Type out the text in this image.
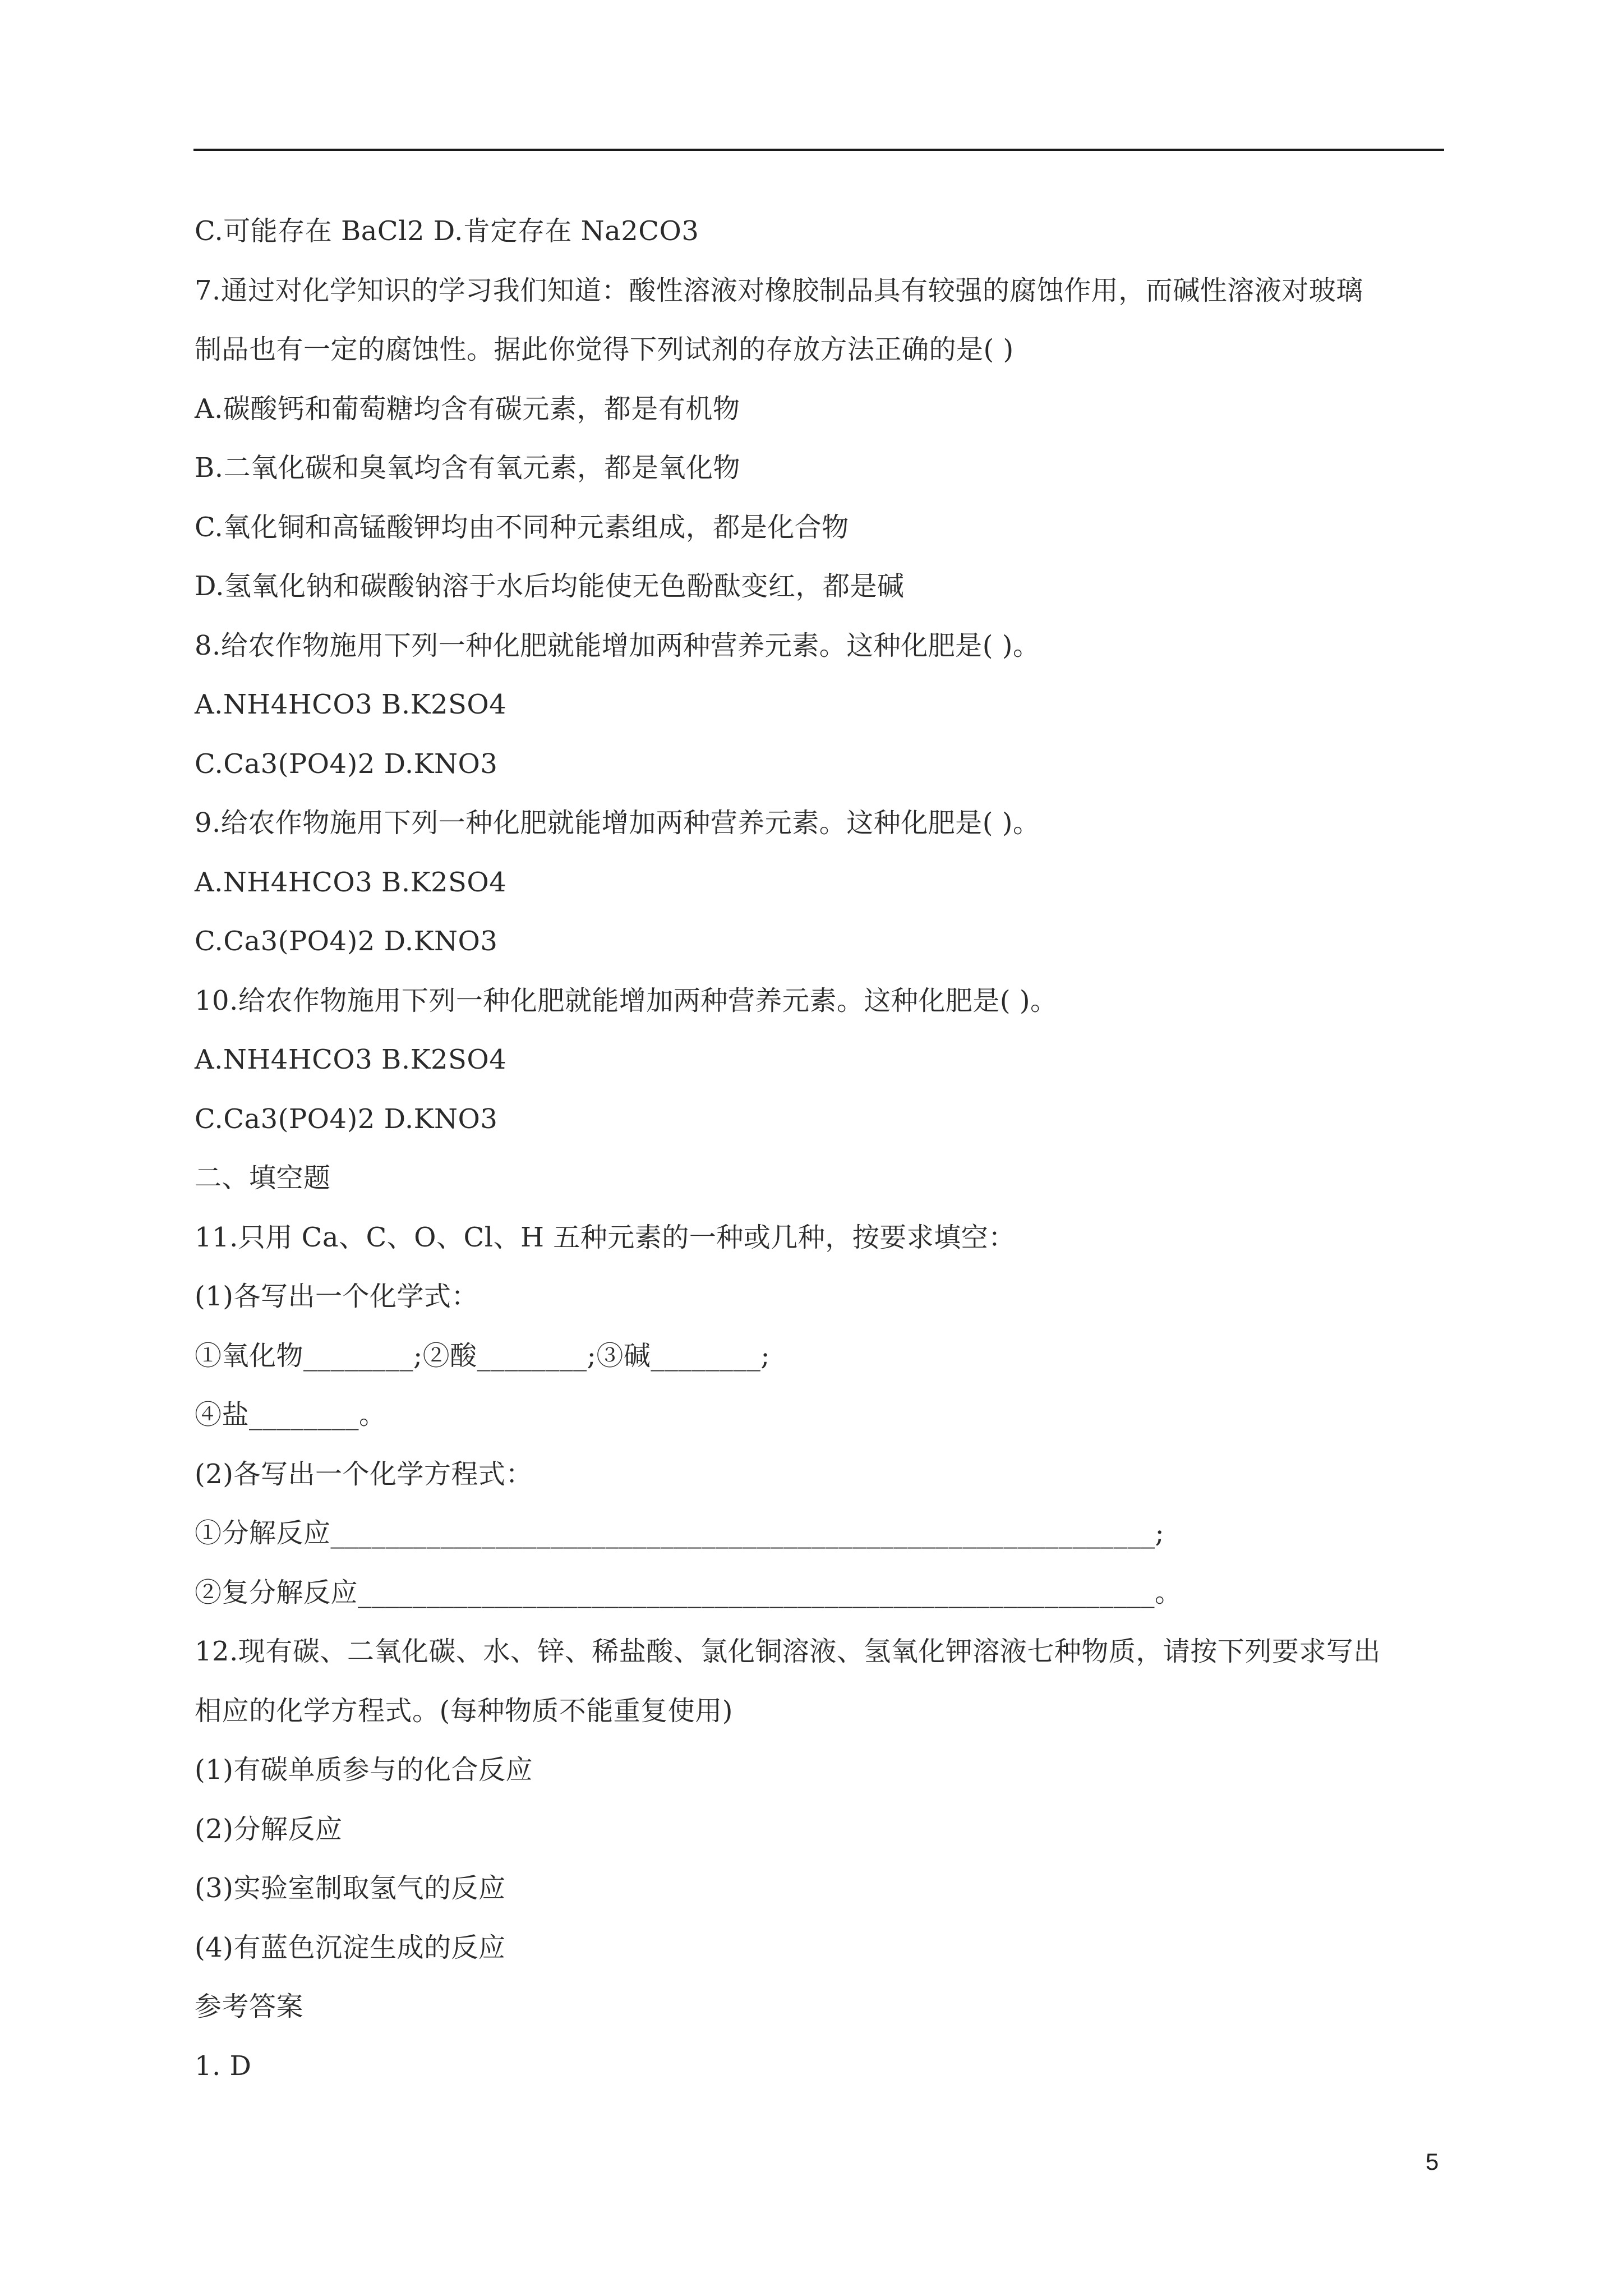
C.可能存在 BaCl2 D.肯定存在 Na2CO3
7.通过对化学知识的学习我们知道：酸性溶液对橡胶制品具有较强的腐蚀作用，而碱性溶液对玻璃
制品也有一定的腐蚀性。据此你觉得下列试剂的存放方法正确的是( )
A.碳酸钙和葡萄糖均含有碳元素，都是有机物
B.二氧化碳和臭氧均含有氧元素，都是氧化物
C.氧化铜和高锰酸钾均由不同种元素组成，都是化合物
D.氢氧化钠和碳酸钠溶于水后均能使无色酚酞变红，都是碱
8.给农作物施用下列一种化肥就能增加两种营养元素。这种化肥是( )。
A.NH4HCO3 B.K2SO4
C.Ca3(PO4)2 D.KNO3
9.给农作物施用下列一种化肥就能增加两种营养元素。这种化肥是( )。
A.NH4HCO3 B.K2SO4
C.Ca3(PO4)2 D.KNO3
10.给农作物施用下列一种化肥就能增加两种营养元素。这种化肥是( )。
A.NH4HCO3 B.K2SO4
C.Ca3(PO4)2 D.KNO3
二、填空题
11.只用 Ca、C、O、Cl、H 五种元素的一种或几种，按要求填空：
(1)各写出一个化学式：
①氧化物________;②酸________;③碱________;
④盐________。
(2)各写出一个化学方程式：
①分解反应____________________________________________________________;
②复分解反应__________________________________________________________。
12.现有碳、二氧化碳、水、锌、稀盐酸、氯化铜溶液、氢氧化钾溶液七种物质，请按下列要求写出
相应的化学方程式。(每种物质不能重复使用)
(1)有碳单质参与的化合反应
(2)分解反应
(3)实验室制取氢气的反应
(4)有蓝色沉淀生成的反应
参考答案
1. D
5
